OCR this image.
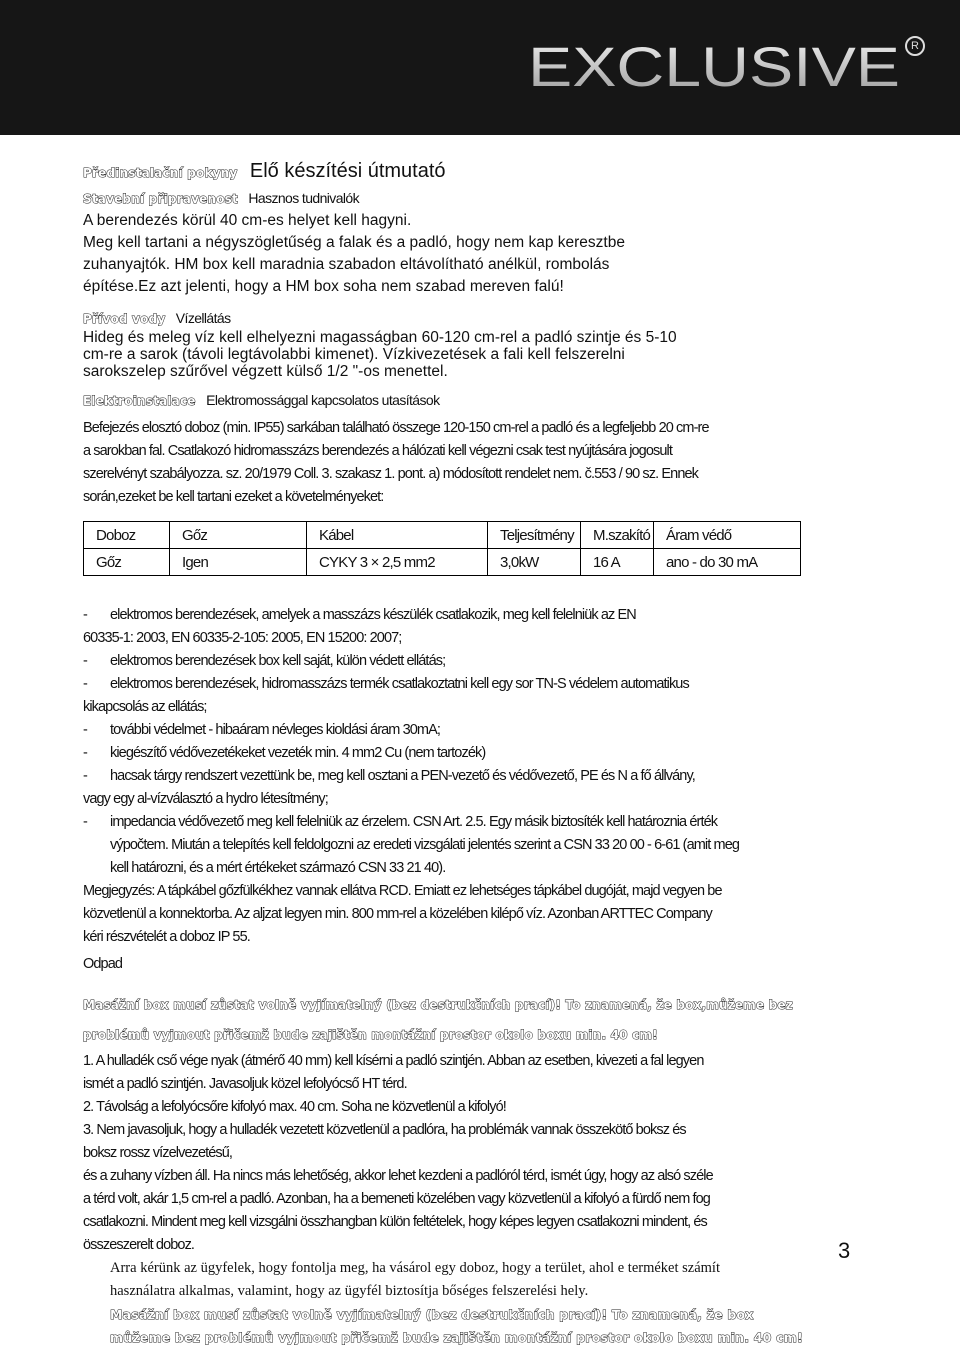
EXCLUSIVE	R
Předinstalační pokyny Elő készítési útmutató
Stavební připravenost Hasznos tudnivalók

A berendezés körül 40 cm-es helyet kell hagyni.

Meg kell tartani a négyszögletűség a falak és a padló, hogy nem kap keresztbe

zuhanyajtók. HM box kell maradnia szabadon eltávolítható anélkül, rombolás

építése.Ez azt jelenti, hogy a HM box soha nem szabad mereven falú!

Přívod vody Vízellátás

Hideg és meleg víz kell elhelyezni magasságban 60-120 cm-rel a padló szintje és 5-10

cm-re a sarok (távoli legtávolabbi kimenet). Vízkivezetések a fali kell felszerelni

sarokszelep szűrővel végzett külső 1/2 "-os menettel.

Elektroinstalace Elektromossággal kapcsolatos utasítások

Befejezés elosztó doboz (min. IP55) sarkában található összege 120-150 cm-rel a padló és a legfeljebb 20 cm-re

a sarokban fal. Csatlakozó hidromasszázs berendezés a hálózati kell végezni csak test nyújtására jogosult

szerelvényt szabályozza. sz. 20/1979 Coll. 3. szakasz 1. pont. a) módosított rendelet nem. č.553 / 90 sz. Ennek

során,ezeket be kell tartani ezeket a követelményeket:

Doboz	Gőz	Kábel	Teljesítmény	M.szakító	Áram védő
Gőz	Igen	CYKY 3 × 2,5 mm2	3,0kW	16 A	ano - do 30 mA
-	elektromos berendezések, amelyek a masszázs készülék csatlakozik, meg kell felelniük az EN
60335-1: 2003, EN 60335-2-105: 2005, EN 15200: 2007;
-	elektromos berendezések box kell saját, külön védett ellátás;
-	elektromos berendezések, hidromasszázs termék csatlakoztatni kell egy sor TN-S védelem automatikus
kikapcsolás az ellátás;
-	további védelmet - hibaáram névleges kioldási áram 30mA;
-	kiegészítő védővezetékeket vezeték min. 4 mm2 Cu (nem tartozék)
-	hacsak tárgy rendszert vezettünk be, meg kell osztani a PEN-vezető és védővezető, PE és N a fő állvány,
vagy egy al-vízválasztó a hydro létesítmény;
-	impedancia védővezető meg kell felelniük az érzelem. CSN Art. 2.5. Egy másik biztosíték kell határoznia érték
výpočtem. Miután a telepítés kell feldolgozni az eredeti vizsgálati jelentés szerint a CSN 33 20 00 - 6-61 (amit meg
kell határozni, és a mért értékeket származó CSN 33 21 40).

Megjegyzés: A tápkábel gőzfülkékhez vannak ellátva RCD. Emiatt ez lehetséges tápkábel dugóját, majd vegyen be

közvetlenül a konnektorba. Az aljzat legyen min. 800 mm-rel a közelében kilépő víz. Azonban ARTTEC Company

kéri részvételét a doboz IP 55.

Odpad

Masážní box musí zůstat volně vyjímatelný (bez destrukčních prací)! To znamená, že box,můžeme bez problémů vyjmout přičemž bude zajištěn montážní prostor okolo boxu min. 40 cm!

1. A hulladék cső vége nyak (átmérő 40 mm) kell kísérni a padló szintjén. Abban az esetben, kivezeti a fal legyen

ismét a padló szintjén. Javasoljuk közel lefolyócső HT térd.

2. Távolság a lefolyócsőre kifolyó max. 40 cm. Soha ne közvetlenül a kifolyó!

3. Nem javasoljuk, hogy a hulladék vezetett közvetlenül a padlóra, ha problémák vannak összekötő boksz és

boksz rossz vízelvezetésű,

és a zuhany vízben áll. Ha nincs más lehetőség, akkor lehet kezdeni a padlóról térd, ismét úgy, hogy az alsó széle

a térd volt, akár 1,5 cm-rel a padló. Azonban, ha a bemeneti közelében vagy közvetlenül a kifolyó a fürdő nem fog

csatlakozni. Mindent meg kell vizsgálni összhangban külön feltételek, hogy képes legyen csatlakozni mindent, és

összeszerelt doboz.

Arra kérünk az ügyfelek, hogy fontolja meg, ha vásárol egy doboz, hogy a terület, ahol e terméket számít
használatra alkalmas, valamint, hogy az ügyfél biztosítja bőséges felszerelési hely.
Masážní box musí zůstat volně vyjímatelný (bez destrukčních prací)! To znamená, že box
můžeme bez problémů vyjmout přičemž bude zajištěn montážní prostor okolo boxu min. 40 cm!
3
